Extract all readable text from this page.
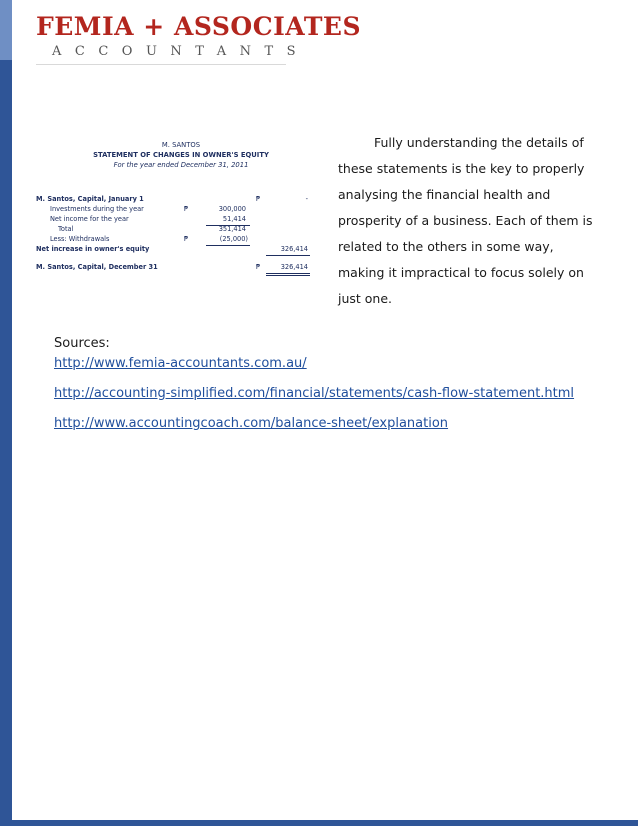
FEMIA + ASSOCIATES
ACCOUNTANTS
M. SANTOS
STATEMENT OF CHANGES IN OWNER'S EQUITY
For the year ended December 31, 2011
M. Santos, Capital, January 1	₱	-
Investments during the year	₱	300,000
Net income for the year	51,414
Total	351,414
Less: Withdrawals	₱	(25,000)
Net increase in owner's equity	326,414
M. Santos, Capital, December 31	₱	326,414

Fully understanding the details of these statements is the key to properly analysing the financial health and prosperity of a business. Each of them is related to the others in some way, making it impractical to focus solely on just one.

Sources:
http://www.femia-accountants.com.au/
http://accounting-simplified.com/financial/statements/cash-flow-statement.html
http://www.accountingcoach.com/balance-sheet/explanation
